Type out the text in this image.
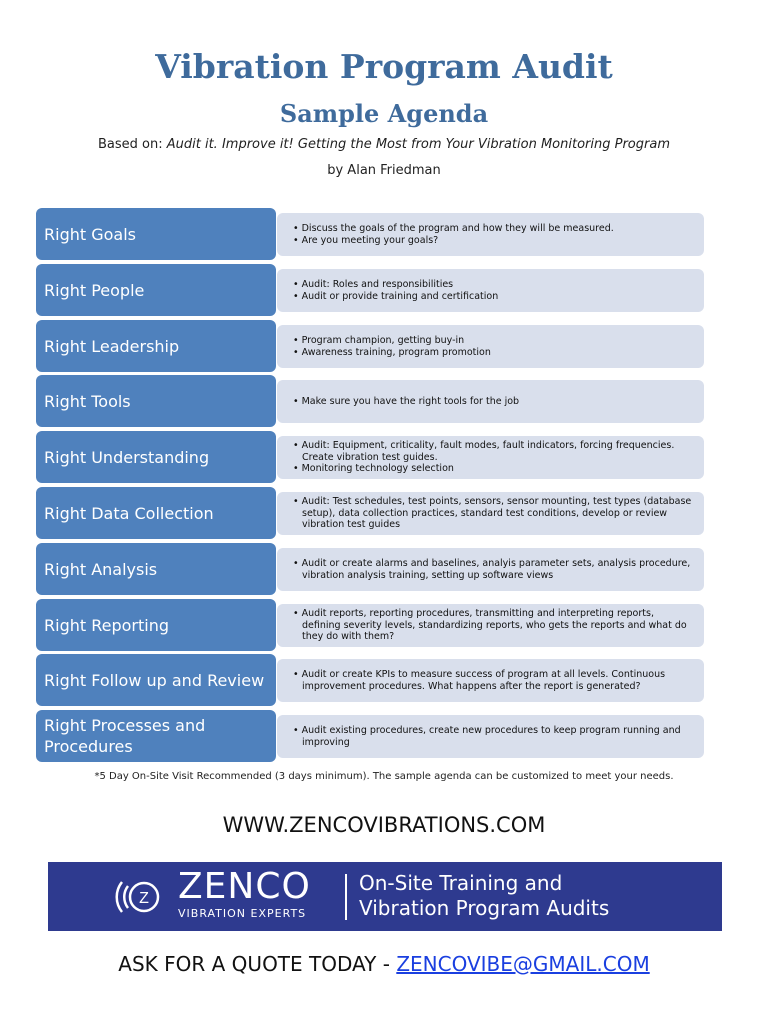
Vibration Program Audit
Sample Agenda
Based on: Audit it. Improve it! Getting the Most from Your Vibration Monitoring Program
by Alan Friedman
Right Goals	• Discuss the goals of the program and how they will be measured.
• Are you meeting your goals?
Right People	• Audit: Roles and responsibilities
• Audit or provide training and certification
Right Leadership	• Program champion, getting buy-in
• Awareness training, program promotion
Right Tools	• Make sure you have the right tools for the job
Right Understanding
• Audit: Equipment, criticality, fault modes, fault indicators, forcing frequencies. Create vibration test guides.
• Monitoring technology selection
Right Data Collection
• Audit: Test schedules, test points, sensors, sensor mounting, test types (database setup), data collection practices, standard test conditions, develop or review vibration test guides
Right Analysis	• Audit or create alarms and baselines, analyis parameter sets, analysis procedure, vibration analysis training, setting up software views
Right Reporting
• Audit reports, reporting procedures, transmitting and interpreting reports, defining severity levels, standardizing reports, who gets the reports and what do they do with them?
Right Follow up and Review	• Audit or create KPIs to measure success of program at all levels. Continuous improvement procedures. What happens after the report is generated?
Right Processes and Procedures
• Audit existing procedures, create new procedures to keep program running and improving
*5 Day On-Site Visit Recommended (3 days minimum). The sample agenda can be customized to meet your needs.
WWW.ZENCOVIBRATIONS.COM
Z ZENCO
VIBRATION EXPERTS
On-Site Training and
Vibration Program Audits
ASK FOR A QUOTE TODAY - ZENCOVIBE@GMAIL.COM
